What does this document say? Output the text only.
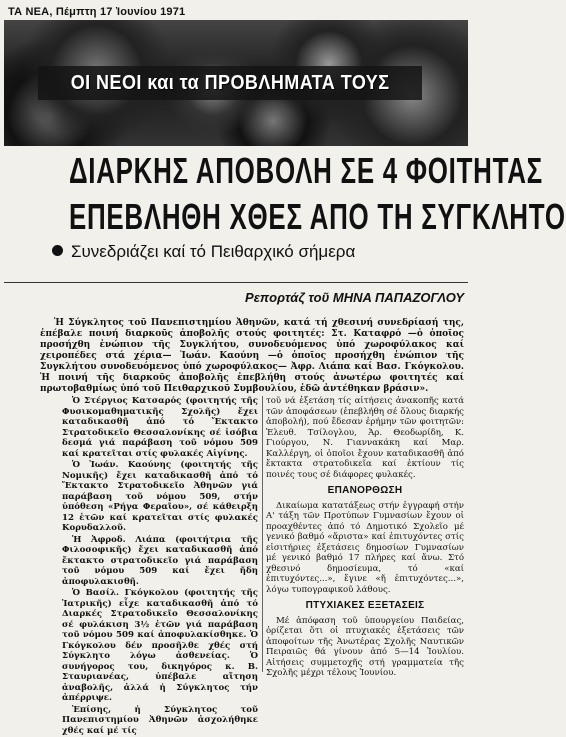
ΤΑ ΝΕΑ, Πέμπτη 17 Ἰουνίου 1971
ΟΙ ΝΕΟΙ και τα ΠΡΟΒΛΗΜΑΤΑ ΤΟΥΣ
ΔΙΑΡΚΗΣ ΑΠΟΒΟΛΗ ΣΕ 4 ΦΟΙΤΗΤΑΣ
ΕΠΕΒΛΗΘΗ ΧΘΕΣ ΑΠΟ ΤΗ ΣΥΓΚΛΗΤΟ
Συνεδριάζει καί τό Πειθαρχικό σήμερα
Ρεπορτάζ τοῦ ΜΗΝΑ ΠΑΠΑΖΟΓΛΟΥ

Ἡ Σύγκλητος τοῦ Πανεπιστημίου Ἀθηνῶν, κατά τή χθεσινή συνεδρίασή της, ἐπέβαλε ποινή διαρκοῦς ἀποβολῆς στούς φοιτητές: Στ. Καταφρό —ὁ ὁποῖος προσήχθη ἐνώπιον τῆς Συγκλήτου, συνοδευόμενος ὑπό χωροφύλακος καί χειροπέδες στά χέρια— Ἰωάν. Καούνη —ὁ ὁποῖος προσήχθη ἐνώπιον τῆς Συγκλήτου συνοδευόμενος ὑπό χωροφύλακος— Ἀφρ. Λιάπα καί Βασ. Γκόγκολου. Ἡ ποινή τῆς διαρκοῦς ἀποβολῆς ἐπεβλήθη στούς ἀνωτέρω φοιτητές καί πρωτοβαθμίως ὑπό τοῦ Πειθαρχικοῦ Συμβουλίου, ἐδῶ ἀντέθηκαν βράσιν».

Ὁ Στέργιος Κατσαρός (φοιτητής τῆς Φυσικομαθηματικῆς Σχολῆς) ἔχει καταδικασθῆ ἀπό τό Ἔκτακτο Στρατοδικεῖο Θεσσαλονίκης σέ ἰσόβια δεσμά γιά παράβαση τοῦ νόμου 509 καί κρατεῖται στίς φυλακές Αἰγίνης.

Ὁ Ἰωάν. Καούνης (φοιτητής τῆς Νομικῆς) ἔχει καταδικασθῆ ἀπό τό Ἔκτακτο Στρατοδικεῖο Ἀθηνῶν γιά παράβαση τοῦ νόμου 509, στήν ὑπόθεση «Ρήγα Φεραῖου», σέ κάθειρξη 12 ἐτῶν καί κρατεῖται στίς φυλακές Κορυδαλλοῦ.

Ἡ Ἀφροδ. Λιάπα (φοιτήτρια τῆς Φιλοσοφικῆς) ἔχει καταδικασθῆ ἀπό ἔκτακτο στρατοδικεῖο γιά παράβαση τοῦ νόμου 509 καί ἔχει ἤδη ἀποφυλακισθῆ.

Ὁ Βασίλ. Γκόγκολου (φοιτητής τῆς Ἰατρικῆς) εἶχε καταδικασθῆ ἀπό τό Διαρκές Στρατοδικεῖο Θεσσαλονίκης σέ φυλάκιση 3½ ἐτῶν γιά παράβαση τοῦ νόμου 509 καί ἀποφυλακίσθηκε. Ὁ Γκόγκολου δέν προσῆλθε χθές στή Σύγκλητο λόγω ἀσθενείας. Ὁ συνήγορος του, δικηγόρος κ. Β. Σταυριανέας, ὑπέβαλε αἴτηση ἀναβολῆς, ἀλλά ἡ Σύγκλητος τήν ἀπέρριψε.

Ἐπίσης, ἡ Σύγκλητος τοῦ Πανεπιστημίου Ἀθηνῶν ἀσχολήθηκε χθές καί μέ τίς

τοῦ νά ἐξετάση τίς αἰτήσεις ἀνακοπῆς κατά τῶν ἀποφάσεων (ἐπεβλήθη σέ ὅλους διαρκής ἀποβολή), πού ἔδεσαν ἐρήμην τῶν φοιτητῶν: Ἐλευθ. Τσίλογλου, Ἀρ. Θεοδωρίδη, Κ. Γιούργου, Ν. Γιαννακάκη καί Μαρ. Καλλέργη, οἱ ὁποῖοι ἔχουν καταδικασθῆ ἀπό ἔκτακτα στρατοδικεῖα καί ἐκτίουν τίς ποινές τους σέ διάφορες φυλακές.

ΕΠΑΝΟΡΘΩΣΗ

Δικαίωμα κατατάξεως στήν ἐγγραφή στήν Α' τάξη τῶν Προτύπων Γυμνασίων ἔχουν οἱ προαχθέντες ἀπό τό Δημοτικό Σχολεῖο μέ γενικό βαθμό «ἄριστα» καί ἐπιτυχόντες στίς εἰσιτήριες ἐξετάσεις δημοσίων Γυμνασίων μέ γενικό βαθμό 17 πλήρες καί ἄνω. Στό χθεσινό δημοσίευμα, τό «καί ἐπιτυχόντες...», ἔγινε «ἤ ἐπιτυχόντες...», λόγω τυπογραφικοῦ λάθους.

ΠΤΥΧΙΑΚΕΣ ΕΞΕΤΑΣΕΙΣ

Μέ ἀπόφαση τοῦ ὑπουργείου Παιδείας, ὁρίζεται ὅτι οἱ πτυχιακές ἐξετάσεις τῶν ἀποφοίτων τῆς Ἀνωτέρας Σχολῆς Ναυτικῶν Πειραιῶς θά γίνουν ἀπό 5—14 Ἰουλίου. Αἰτήσεις συμμετοχῆς στή γραμματεία τῆς Σχολῆς μέχρι τέλους Ἰουνίου.
